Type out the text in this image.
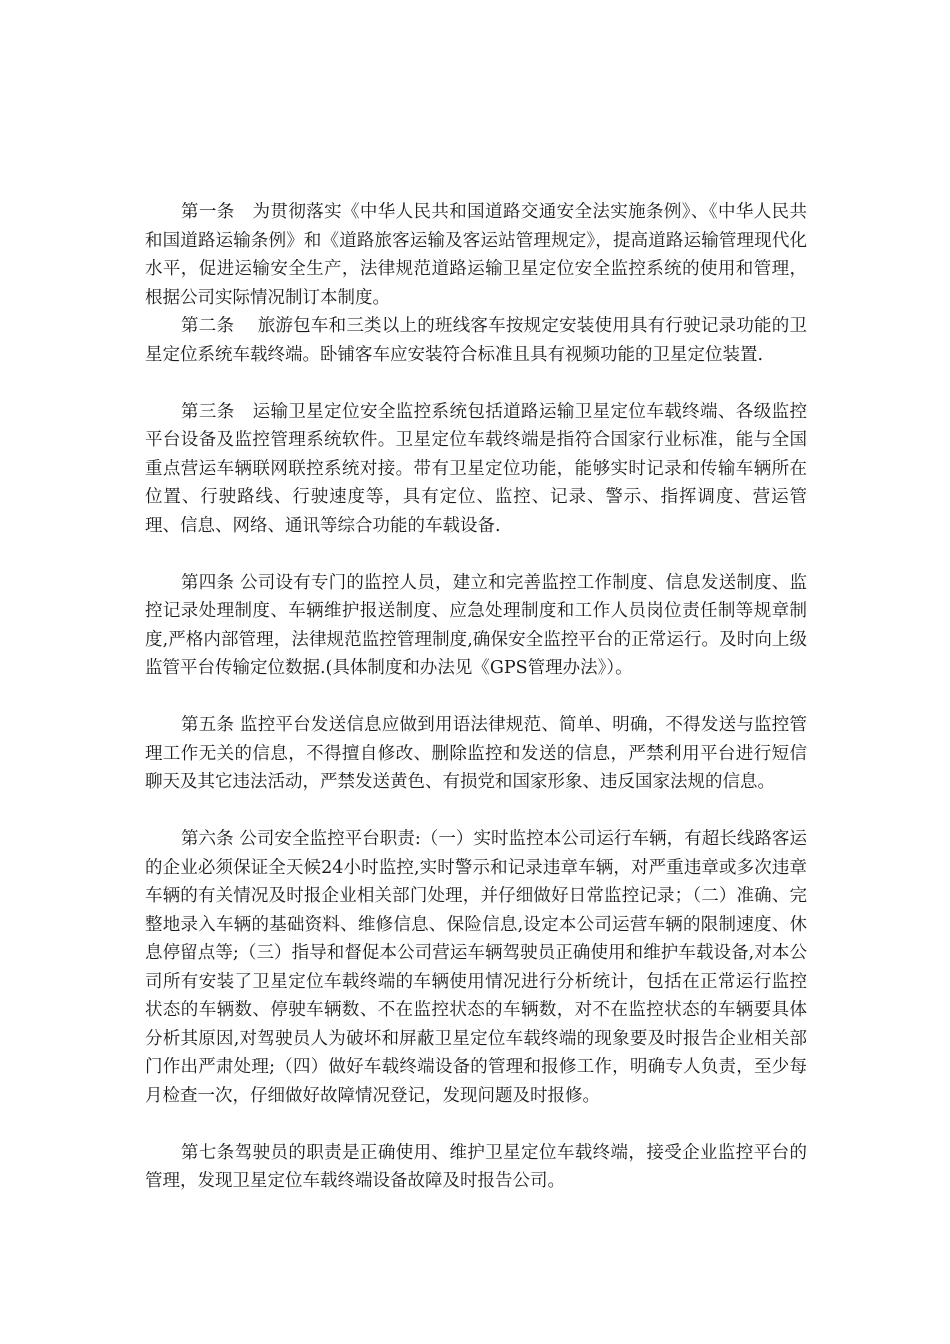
第一条　为贯彻落实《中华人民共和国道路交通安全法实施条例》、《中华人民共和国道路运输条例》和《道路旅客运输及客运站管理规定》，提高道路运输管理现代化水平，促进运输安全生产，法律规范道路运输卫星定位安全监控系统的使用和管理，根据公司实际情况制订本制度。

第二条　 旅游包车和三类以上的班线客车按规定安装使用具有行驶记录功能的卫星定位系统车载终端。卧铺客车应安装符合标准且具有视频功能的卫星定位装置.

第三条　运输卫星定位安全监控系统包括道路运输卫星定位车载终端、各级监控平台设备及监控管理系统软件。卫星定位车载终端是指符合国家行业标准，能与全国重点营运车辆联网联控系统对接。带有卫星定位功能，能够实时记录和传输车辆所在位置、行驶路线、行驶速度等，具有定位、监控、记录、警示、指挥调度、营运管理、信息、网络、通讯等综合功能的车载设备.

第四条 公司设有专门的监控人员，建立和完善监控工作制度、信息发送制度、监控记录处理制度、车辆维护报送制度、应急处理制度和工作人员岗位责任制等规章制度,严格内部管理，法律规范监控管理制度,确保安全监控平台的正常运行。及时向上级监管平台传输定位数据.(具体制度和办法见《GPS管理办法》）。

第五条 监控平台发送信息应做到用语法律规范、简单、明确，不得发送与监控管理工作无关的信息，不得擅自修改、删除监控和发送的信息，严禁利用平台进行短信聊天及其它违法活动，严禁发送黄色、有损党和国家形象、违反国家法规的信息。

第六条 公司安全监控平台职责:（一）实时监控本公司运行车辆，有超长线路客运的企业必须保证全天候24小时监控,实时警示和记录违章车辆，对严重违章或多次违章车辆的有关情况及时报企业相关部门处理，并仔细做好日常监控记录；（二）准确、完整地录入车辆的基础资料、维修信息、保险信息,设定本公司运营车辆的限制速度、休息停留点等;（三）指导和督促本公司营运车辆驾驶员正确使用和维护车载设备,对本公司所有安装了卫星定位车载终端的车辆使用情况进行分析统计，包括在正常运行监控状态的车辆数、停驶车辆数、不在监控状态的车辆数，对不在监控状态的车辆要具体分析其原因,对驾驶员人为破坏和屏蔽卫星定位车载终端的现象要及时报告企业相关部门作出严肃处理;（四）做好车载终端设备的管理和报修工作，明确专人负责，至少每月检查一次，仔细做好故障情况登记，发现问题及时报修。

第七条驾驶员的职责是正确使用、维护卫星定位车载终端，接受企业监控平台的管理，发现卫星定位车载终端设备故障及时报告公司。
